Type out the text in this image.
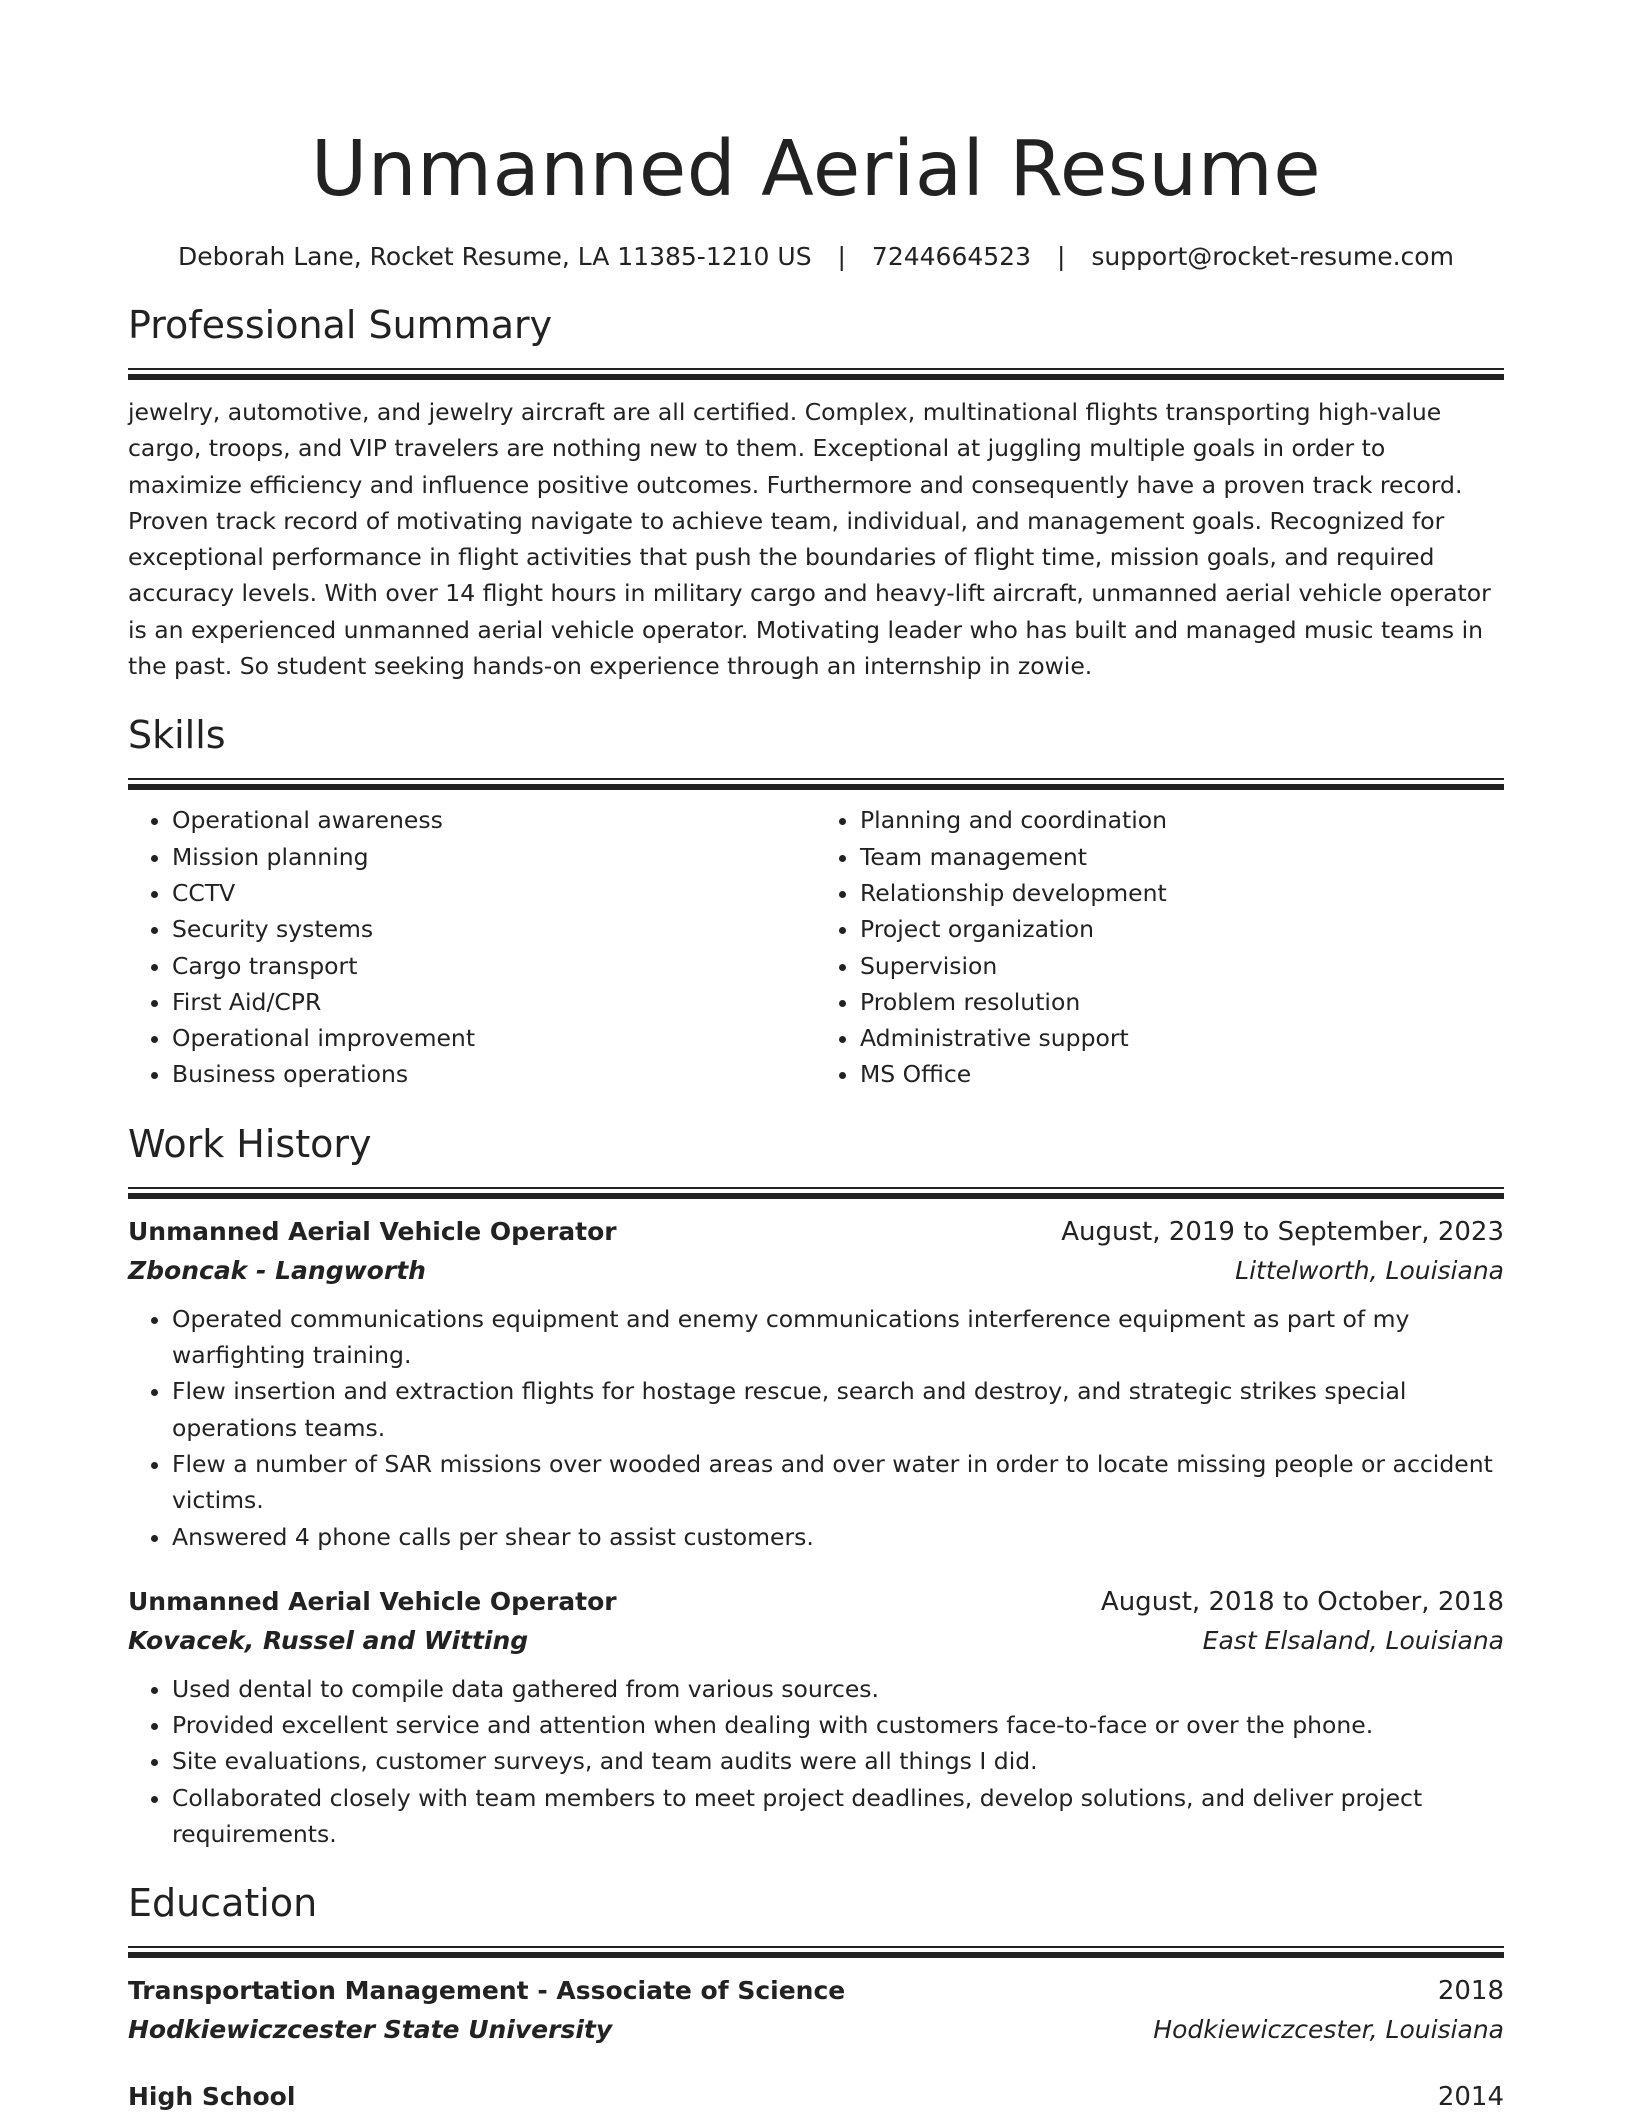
Unmanned Aerial Resume
Deborah Lane, Rocket Resume, LA 11385-1210 US | 7244664523 | support@rocket-resume.com
Professional Summary

jewelry, automotive, and jewelry aircraft are all certified. Complex, multinational flights transporting high-value cargo, troops, and VIP travelers are nothing new to them. Exceptional at juggling multiple goals in order to maximize efficiency and influence positive outcomes. Furthermore and consequently have a proven track record. Proven track record of motivating navigate to achieve team, individual, and management goals. Recognized for exceptional performance in flight activities that push the boundaries of flight time, mission goals, and required accuracy levels. With over 14 flight hours in military cargo and heavy-lift aircraft, unmanned aerial vehicle operator is an experienced unmanned aerial vehicle operator. Motivating leader who has built and managed music teams in the past. So student seeking hands-on experience through an internship in zowie.

Skills
• Operational awareness
• Mission planning
• CCTV
• Security systems
• Cargo transport
• First Aid/CPR
• Operational improvement
• Business operations
• Planning and coordination
• Team management
• Relationship development
• Project organization
• Supervision
• Problem resolution
• Administrative support
• MS Office
Work History
Unmanned Aerial Vehicle Operator	August, 2019 to September, 2023
Zboncak - Langworth	Littelworth, Louisiana
• Operated communications equipment and enemy communications interference equipment as part of my warfighting training.
• Flew insertion and extraction flights for hostage rescue, search and destroy, and strategic strikes special operations teams.
• Flew a number of SAR missions over wooded areas and over water in order to locate missing people or accident victims.
• Answered 4 phone calls per shear to assist customers.
Unmanned Aerial Vehicle Operator	August, 2018 to October, 2018
Kovacek, Russel and Witting	East Elsaland, Louisiana
• Used dental to compile data gathered from various sources.
• Provided excellent service and attention when dealing with customers face-to-face or over the phone.
• Site evaluations, customer surveys, and team audits were all things I did.
• Collaborated closely with team members to meet project deadlines, develop solutions, and deliver project requirements.
Education
Transportation Management - Associate of Science	2018
Hodkiewiczcester State University	Hodkiewiczcester, Louisiana
High School	2014
